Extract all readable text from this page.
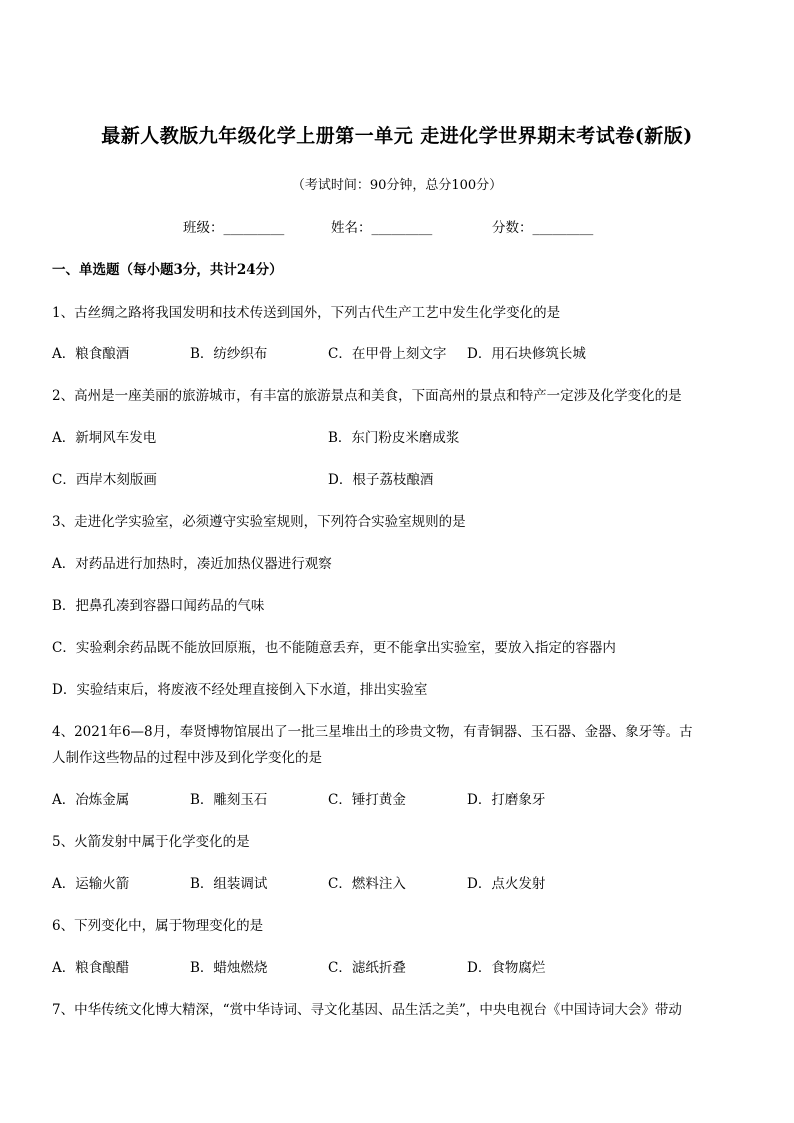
最新人教版九年级化学上册第一单元 走进化学世界期末考试卷(新版)
（考试时间：90分钟，总分100分）
班级：_________	姓名：_________	分数：_________
一、单选题（每小题3分，共计24分）
1、古丝绸之路将我国发明和技术传送到国外，下列古代生产工艺中发生化学变化的是
A．粮食酿酒	B．纺纱织布	C．在甲骨上刻文字 D．用石块修筑长城
2、高州是一座美丽的旅游城市，有丰富的旅游景点和美食，下面高州的景点和特产一定涉及化学变化的是
A．新垌风车发电	B．东门粉皮米磨成浆
C．西岸木刻版画	D．根子荔枝酿酒
3、走进化学实验室，必须遵守实验室规则，下列符合实验室规则的是
A．对药品进行加热时，凑近加热仪器进行观察
B．把鼻孔凑到容器口闻药品的气味
C．实验剩余药品既不能放回原瓶，也不能随意丢弃，更不能拿出实验室，要放入指定的容器内
D．实验结束后，将废液不经处理直接倒入下水道，排出实验室
4、2021年6—8月，奉贤博物馆展出了一批三星堆出土的珍贵文物，有青铜器、玉石器、金器、象牙等。古
人制作这些物品的过程中涉及到化学变化的是
A．冶炼金属	B．雕刻玉石	C．锤打黄金	D．打磨象牙
5、火箭发射中属于化学变化的是
A．运输火箭	B．组装调试	C．燃料注入	D．点火发射
6、下列变化中，属于物理变化的是
A．粮食酿醋	B．蜡烛燃烧	C．滤纸折叠	D．食物腐烂
7、中华传统文化博大精深，“赏中华诗词、寻文化基因、品生活之美”，中央电视台《中国诗词大会》带动
